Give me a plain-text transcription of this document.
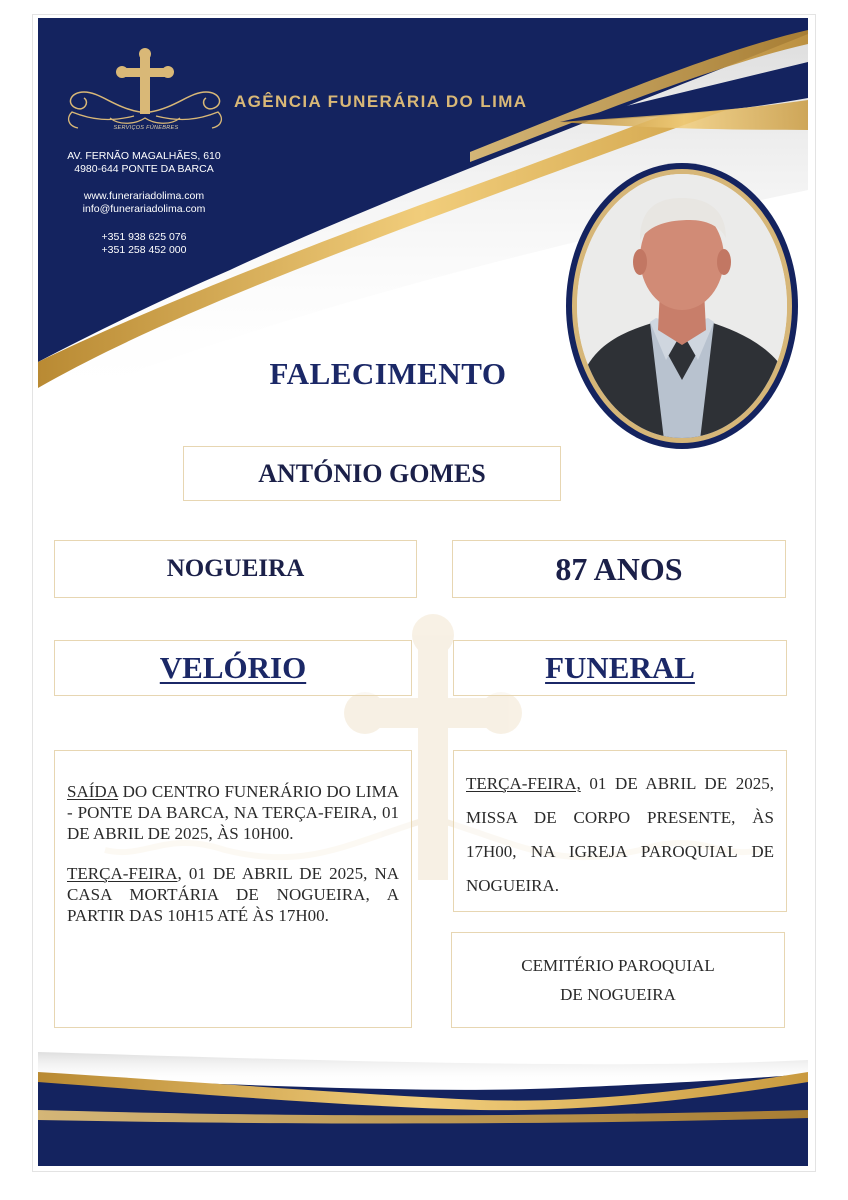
AGÊNCIA FUNERÁRIA DO LIMA
SERVIÇOS FÚNEBRES
AV. FERNÃO MAGALHÃES, 610
4980-644 PONTE DA BARCA
www.funerariadolima.com
info@funerariadolima.com
+351 938 625 076
+351 258 452 000
FALECIMENTO
ANTÓNIO GOMES
NOGUEIRA	87 ANOS
VELÓRIO	FUNERAL

SAÍDA DO CENTRO FUNERÁRIO DO LIMA - PONTE DA BARCA, NA TERÇA-FEIRA, 01 DE ABRIL DE 2025, ÀS 10H00.

TERÇA-FEIRA, 01 DE ABRIL DE 2025, NA CASA MORTÁRIA DE NOGUEIRA, A PARTIR DAS 10H15 ATÉ ÀS 17H00.

TERÇA-FEIRA, 01 DE ABRIL DE 2025, MISSA DE CORPO PRESENTE, ÀS 17H00, NA IGREJA PAROQUIAL DE NOGUEIRA.
CEMITÉRIO PAROQUIAL
DE NOGUEIRA
